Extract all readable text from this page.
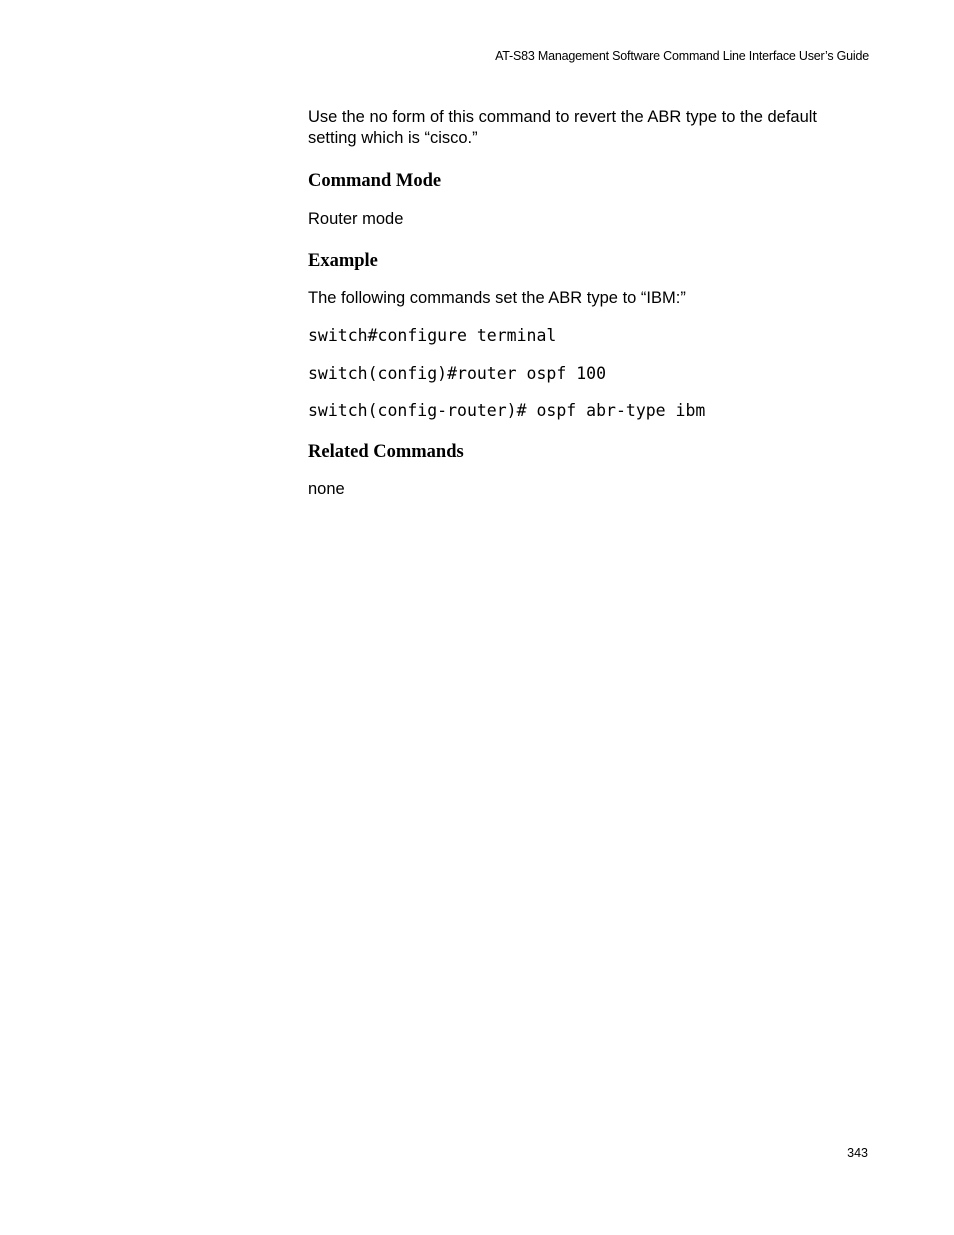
AT-S83 Management Software Command Line Interface User’s Guide

Use the no form of this command to revert the ABR type to the default setting which is “cisco.”

Command Mode

Router mode

Example

The following commands set the ABR type to “IBM:”

switch#configure terminal

switch(config)#router ospf 100

switch(config-router)# ospf abr-type ibm

Related Commands

none

343
